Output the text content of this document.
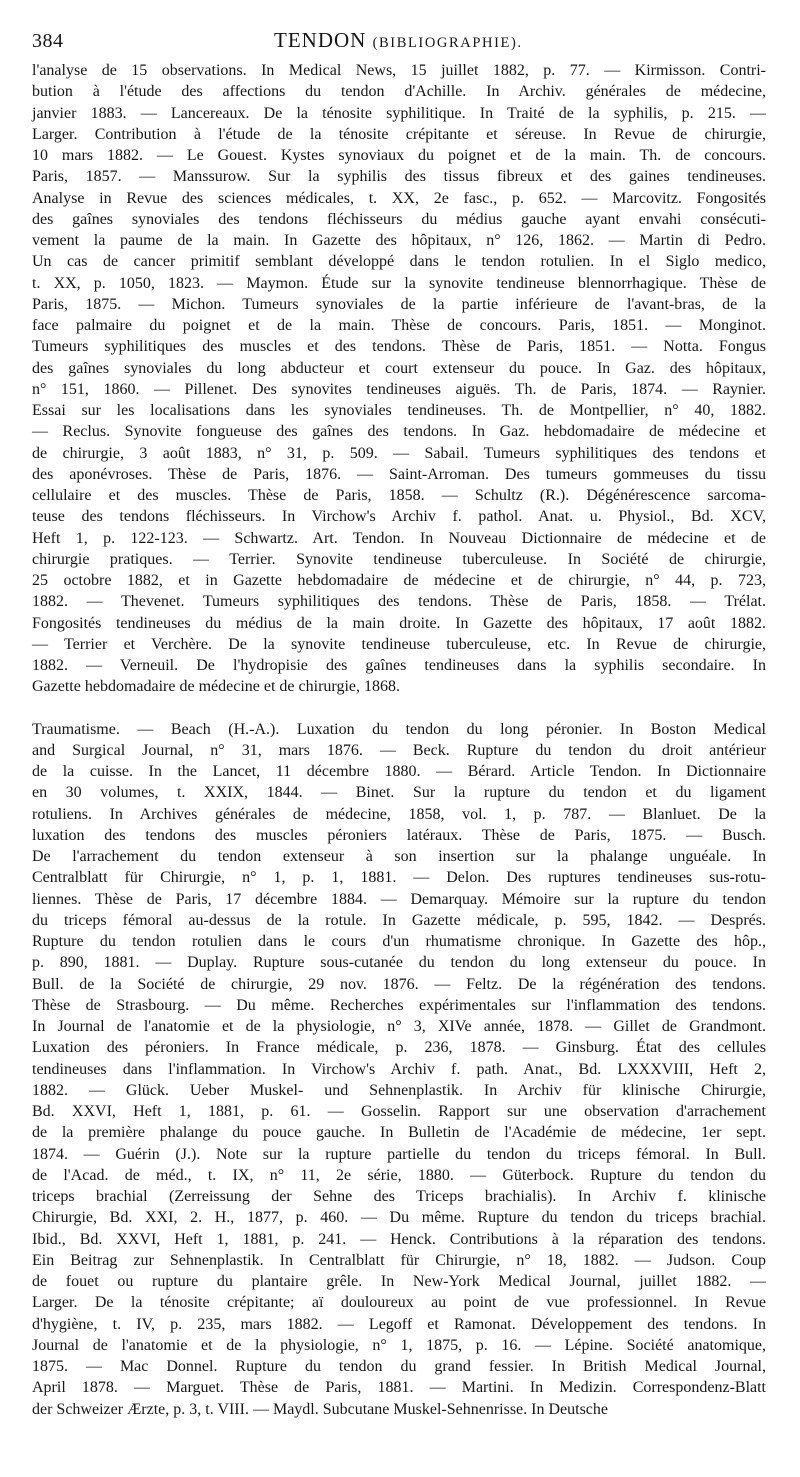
384	TENDON (BIBLIOGRAPHIE).
l'analyse de 15 observations. In Medical News, 15 juillet 1882, p. 77. — Kirmisson. Contri-
bution à l'étude des affections du tendon d'Achille. In Archiv. générales de médecine,
janvier 1883. — Lancereaux. De la ténosite syphilitique. In Traité de la syphilis, p. 215. —
Larger. Contribution à l'étude de la ténosite crépitante et séreuse. In Revue de chirurgie,
10 mars 1882. — Le Gouest. Kystes synoviaux du poignet et de la main. Th. de concours.
Paris, 1857. — Manssurow. Sur la syphilis des tissus fibreux et des gaines tendineuses.
Analyse in Revue des sciences médicales, t. XX, 2e fasc., p. 652. — Marcovitz. Fongosités
des gaînes synoviales des tendons fléchisseurs du médius gauche ayant envahi consécuti-
vement la paume de la main. In Gazette des hôpitaux, n° 126, 1862. — Martin di Pedro.
Un cas de cancer primitif semblant développé dans le tendon rotulien. In el Siglo medico,
t. XX, p. 1050, 1823. — Maymon. Étude sur la synovite tendineuse blennorrhagique. Thèse de
Paris, 1875. — Michon. Tumeurs synoviales de la partie inférieure de l'avant-bras, de la
face palmaire du poignet et de la main. Thèse de concours. Paris, 1851. — Monginot.
Tumeurs syphilitiques des muscles et des tendons. Thèse de Paris, 1851. — Notta. Fongus
des gaînes synoviales du long abducteur et court extenseur du pouce. In Gaz. des hôpitaux,
n° 151, 1860. — Pillenet. Des synovites tendineuses aiguës. Th. de Paris, 1874. — Raynier.
Essai sur les localisations dans les synoviales tendineuses. Th. de Montpellier, n° 40, 1882.
— Reclus. Synovite fongueuse des gaînes des tendons. In Gaz. hebdomadaire de médecine et
de chirurgie, 3 août 1883, n° 31, p. 509. — Sabail. Tumeurs syphilitiques des tendons et
des aponévroses. Thèse de Paris, 1876. — Saint-Arroman. Des tumeurs gommeuses du tissu
cellulaire et des muscles. Thèse de Paris, 1858. — Schultz (R.). Dégénérescence sarcoma-
teuse des tendons fléchisseurs. In Virchow's Archiv f. pathol. Anat. u. Physiol., Bd. XCV,
Heft 1, p. 122-123. — Schwartz. Art. Tendon. In Nouveau Dictionnaire de médecine et de
chirurgie pratiques. — Terrier. Synovite tendineuse tuberculeuse. In Société de chirurgie,
25 octobre 1882, et in Gazette hebdomadaire de médecine et de chirurgie, n° 44, p. 723,
1882. — Thevenet. Tumeurs syphilitiques des tendons. Thèse de Paris, 1858. — Trélat.
Fongosités tendineuses du médius de la main droite. In Gazette des hôpitaux, 17 août 1882.
— Terrier et Verchère. De la synovite tendineuse tuberculeuse, etc. In Revue de chirurgie,
1882. — Verneuil. De l'hydropisie des gaînes tendineuses dans la syphilis secondaire. In
Gazette hebdomadaire de médecine et de chirurgie, 1868.
Traumatisme. — Beach (H.-A.). Luxation du tendon du long péronier. In Boston Medical
and Surgical Journal, n° 31, mars 1876. — Beck. Rupture du tendon du droit antérieur
de la cuisse. In the Lancet, 11 décembre 1880. — Bérard. Article Tendon. In Dictionnaire
en 30 volumes, t. XXIX, 1844. — Binet. Sur la rupture du tendon et du ligament
rotuliens. In Archives générales de médecine, 1858, vol. 1, p. 787. — Blanluet. De la
luxation des tendons des muscles péroniers latéraux. Thèse de Paris, 1875. — Busch.
De l'arrachement du tendon extenseur à son insertion sur la phalange unguéale. In
Centralblatt für Chirurgie, n° 1, p. 1, 1881. — Delon. Des ruptures tendineuses sus-rotu-
liennes. Thèse de Paris, 17 décembre 1884. — Demarquay. Mémoire sur la rupture du tendon
du triceps fémoral au-dessus de la rotule. In Gazette médicale, p. 595, 1842. — Després.
Rupture du tendon rotulien dans le cours d'un rhumatisme chronique. In Gazette des hôp.,
p. 890, 1881. — Duplay. Rupture sous-cutanée du tendon du long extenseur du pouce. In
Bull. de la Société de chirurgie, 29 nov. 1876. — Feltz. De la régénération des tendons.
Thèse de Strasbourg. — Du même. Recherches expérimentales sur l'inflammation des tendons.
In Journal de l'anatomie et de la physiologie, n° 3, XIVe année, 1878. — Gillet de Grandmont.
Luxation des péroniers. In France médicale, p. 236, 1878. — Ginsburg. État des cellules
tendineuses dans l'inflammation. In Virchow's Archiv f. path. Anat., Bd. LXXXVIII, Heft 2,
1882. — Glück. Ueber Muskel- und Sehnenplastik. In Archiv für klinische Chirurgie,
Bd. XXVI, Heft 1, 1881, p. 61. — Gosselin. Rapport sur une observation d'arrachement
de la première phalange du pouce gauche. In Bulletin de l'Académie de médecine, 1er sept.
1874. — Guérin (J.). Note sur la rupture partielle du tendon du triceps fémoral. In Bull.
de l'Acad. de méd., t. IX, n° 11, 2e série, 1880. — Güterbock. Rupture du tendon du
triceps brachial (Zerreissung der Sehne des Triceps brachialis). In Archiv f. klinische
Chirurgie, Bd. XXI, 2. H., 1877, p. 460. — Du même. Rupture du tendon du triceps brachial.
Ibid., Bd. XXVI, Heft 1, 1881, p. 241. — Henck. Contributions à la réparation des tendons.
Ein Beitrag zur Sehnenplastik. In Centralblatt für Chirurgie, n° 18, 1882. — Judson. Coup
de fouet ou rupture du plantaire grêle. In New-York Medical Journal, juillet 1882. —
Larger. De la ténosite crépitante; aï douloureux au point de vue professionnel. In Revue
d'hygiène, t. IV, p. 235, mars 1882. — Legoff et Ramonat. Développement des tendons. In
Journal de l'anatomie et de la physiologie, n° 1, 1875, p. 16. — Lépine. Société anatomique,
1875. — Mac Donnel. Rupture du tendon du grand fessier. In British Medical Journal,
April 1878. — Marguet. Thèse de Paris, 1881. — Martini. In Medizin. Correspondenz-Blatt
der Schweizer Ærzte, p. 3, t. VIII. — Maydl. Subcutane Muskel-Sehnenrisse. In Deutsche
